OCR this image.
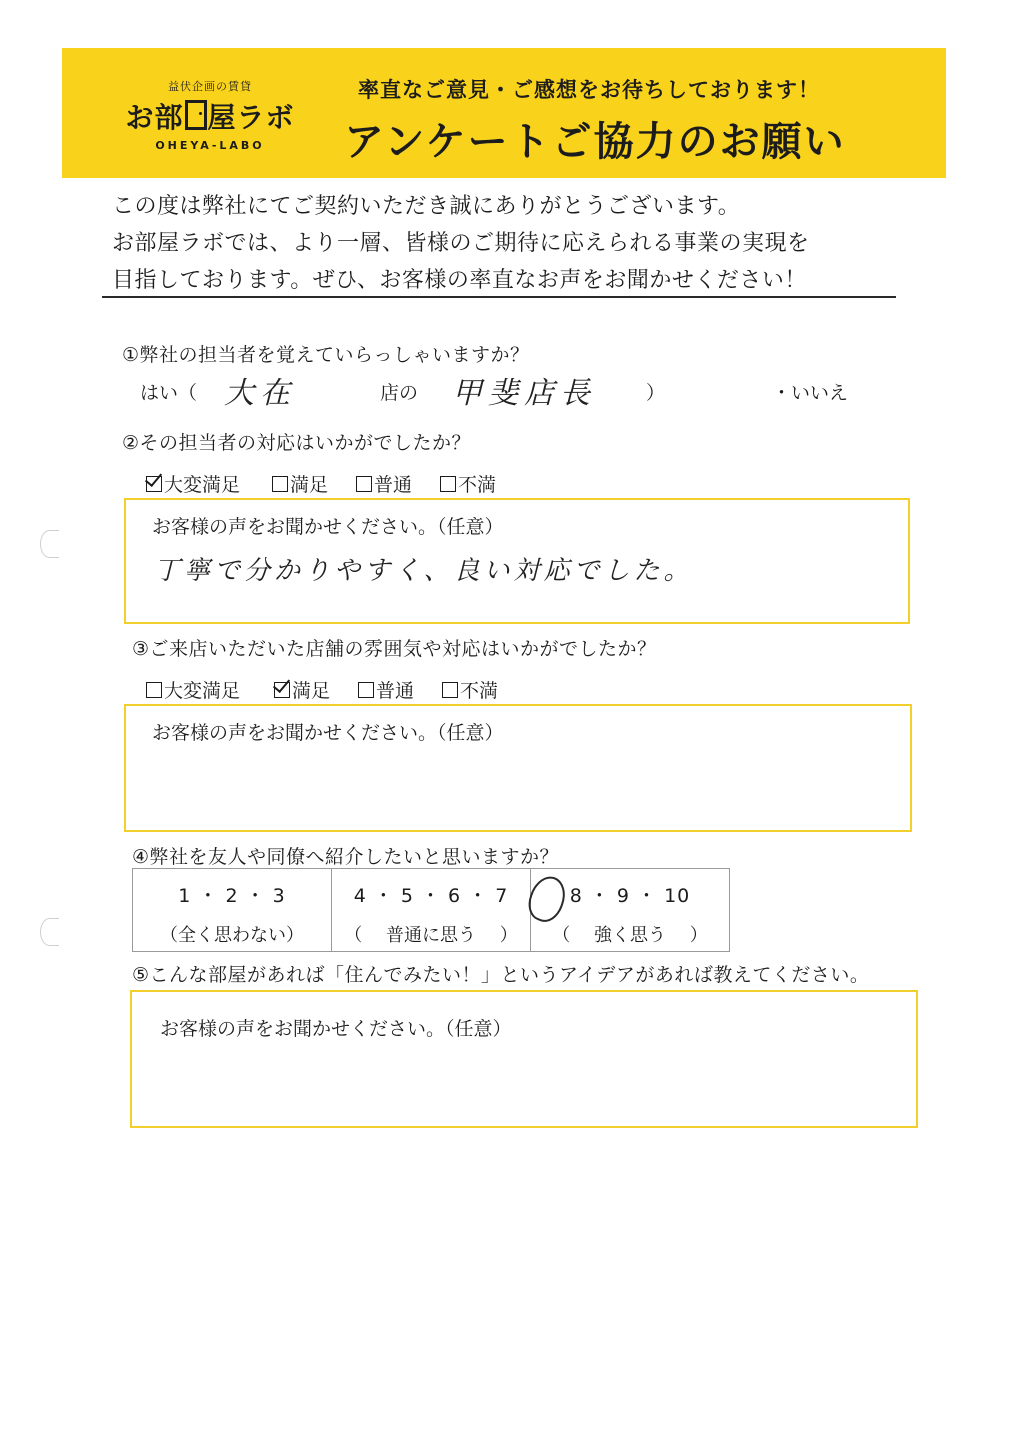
益伏企画の賃貸
お部 屋ラボ
OHEYA-LABO
率直なご意見・ご感想をお待ちしております！
アンケートご協力のお願い
この度は弊社にてご契約いただき誠にありがとうございます。
お部屋ラボでは、より一層、皆様のご期待に応えられる事業の実現を
目指しております。ぜひ、お客様の率直なお声をお聞かせください！
①弊社の担当者を覚えていらっしゃいますか？
はい（ 大在	店の 甲斐店長	）	・いいえ
②その担当者の対応はいかがでしたか？
大変満足	満足	普通	不満
お客様の声をお聞かせください。（任意）
丁寧で分かりやすく、良い対応でした。
③ご来店いただいた店舗の雰囲気や対応はいかがでしたか？
大変満足	満足	普通	不満
お客様の声をお聞かせください。（任意）
④弊社を友人や同僚へ紹介したいと思いますか？
1 ・ 2 ・ 3
（全く思わない）
4 ・ 5 ・ 6 ・ 7
（　 普通に思う 　）
8 ・ 9 ・ 10
（　 強く思う 　）
⑤こんな部屋があれば「住んでみたい！」というアイデアがあれば教えてください。
お客様の声をお聞かせください。（任意）
